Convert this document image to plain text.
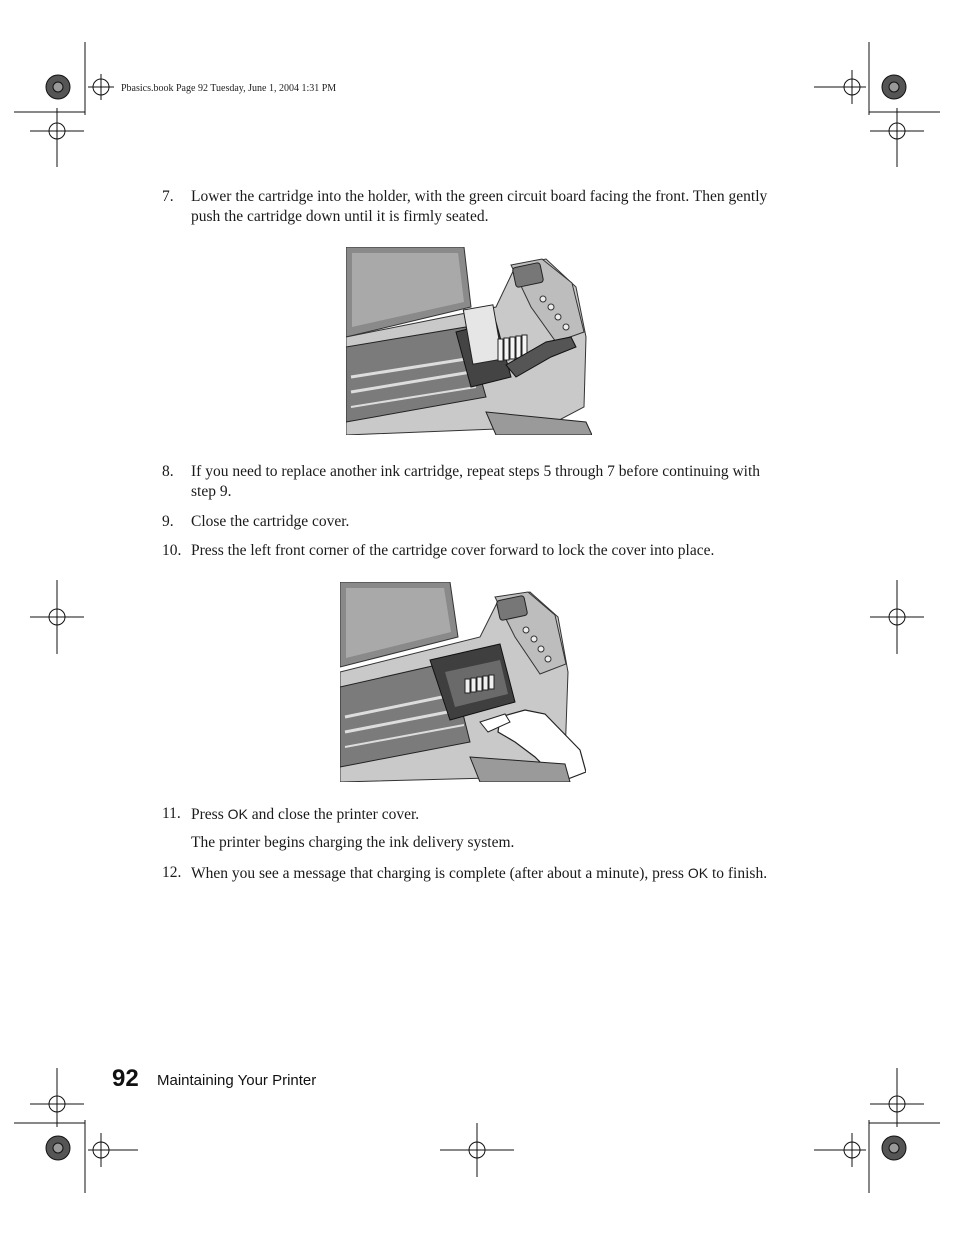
Pbasics.book Page 92 Tuesday, June 1, 2004 1:31 PM
7.	Lower the cartridge into the holder, with the green circuit board facing the front. Then gently push the cartridge down until it is firmly seated.
8.	If you need to replace another ink cartridge, repeat steps 5 through 7 before continuing with step 9.
9.	Close the cartridge cover.
10. Press the left front corner of the cartridge cover forward to lock the cover into place.
11. Press OK and close the printer cover.
The printer begins charging the ink delivery system.
12. When you see a message that charging is complete (after about a minute), press OK to finish.
92 Maintaining Your Printer
